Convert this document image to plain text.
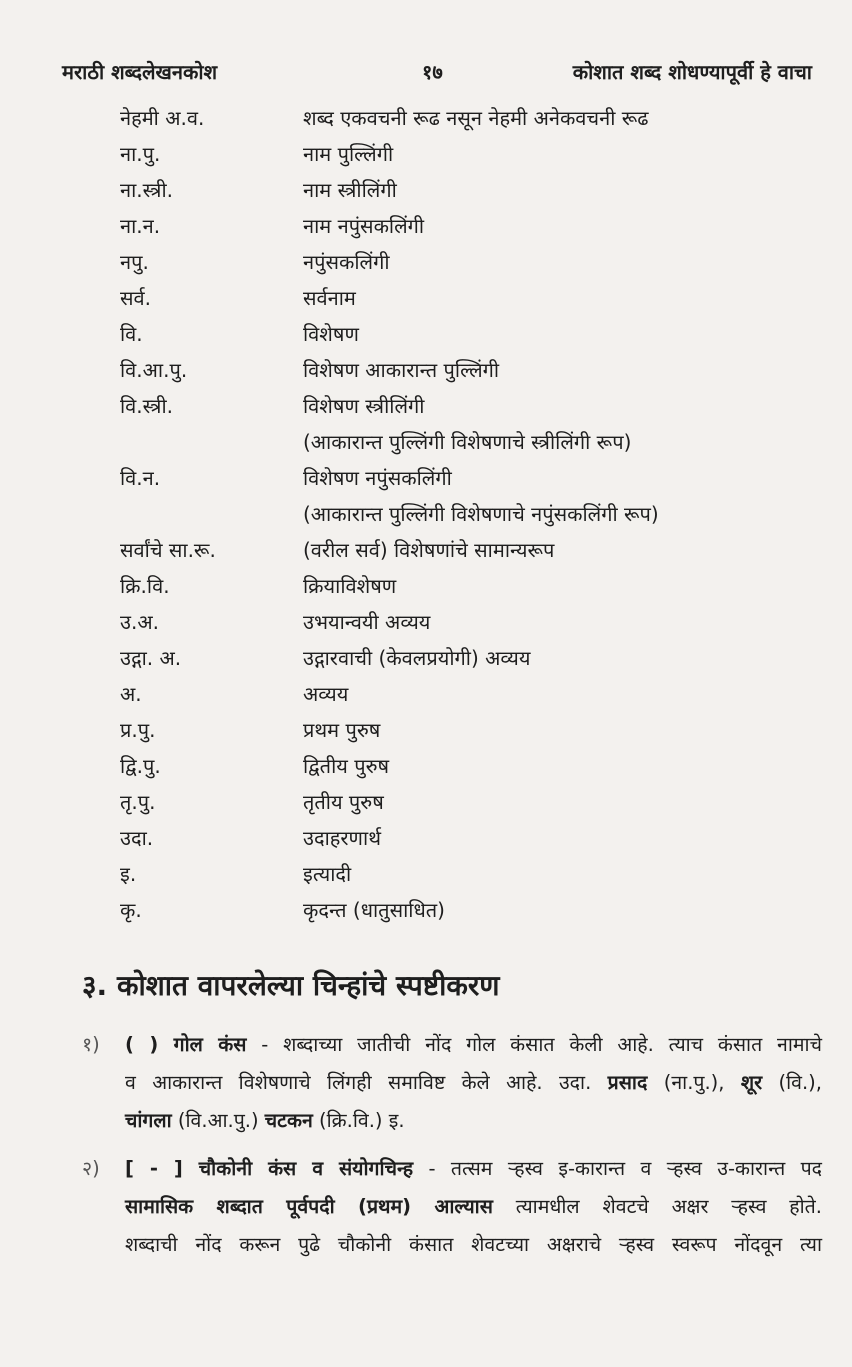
मराठी शब्दलेखनकोश	१७	कोशात शब्द शोधण्यापूर्वी हे वाचा
नेहमी अ.व.	शब्द एकवचनी रूढ नसून नेहमी अनेकवचनी रूढ
ना.पु.	नाम पुल्लिंगी
ना.स्त्री.	नाम स्त्रीलिंगी
ना.न.	नाम नपुंसकलिंगी
नपु.	नपुंसकलिंगी
सर्व.	सर्वनाम
वि.	विशेषण
वि.आ.पु.	विशेषण आकारान्त पुल्लिंगी
वि.स्त्री.	विशेषण स्त्रीलिंगी
(आकारान्त पुल्लिंगी विशेषणाचे स्त्रीलिंगी रूप)
वि.न.	विशेषण नपुंसकलिंगी
(आकारान्त पुल्लिंगी विशेषणाचे नपुंसकलिंगी रूप)
सर्वांचे सा.रू.	(वरील सर्व) विशेषणांचे सामान्यरूप
क्रि.वि.	क्रियाविशेषण
उ.अ.	उभयान्वयी अव्यय
उद्गा. अ.	उद्गारवाची (केवलप्रयोगी) अव्यय
अ.	अव्यय
प्र.पु.	प्रथम पुरुष
द्वि.पु.	द्वितीय पुरुष
तृ.पु.	तृतीय पुरुष
उदा.	उदाहरणार्थ
इ.	इत्यादी
कृ.	कृदन्त (धातुसाधित)
३. कोशात वापरलेल्या चिन्हांचे स्पष्टीकरण
१)	( ) गोल कंस - शब्दाच्या जातीची नोंद गोल कंसात केली आहे. त्याच कंसात नामाचे
व आकारान्त विशेषणाचे लिंगही समाविष्ट केले आहे. उदा. प्रसाद (ना.पु.), शूर (वि.),
चांगला (वि.आ.पु.) चटकन (क्रि.वि.) इ.
२)	[ - ] चौकोनी कंस व संयोगचिन्ह - तत्सम ऱ्हस्व इ-कारान्त व ऱ्हस्व उ-कारान्त पद
सामासिक शब्दात पूर्वपदी (प्रथम) आल्यास त्यामधील शेवटचे अक्षर ऱ्हस्व होते.
शब्दाची नोंद करून पुढे चौकोनी कंसात शेवटच्या अक्षराचे ऱ्हस्व स्वरूप नोंदवून त्या
